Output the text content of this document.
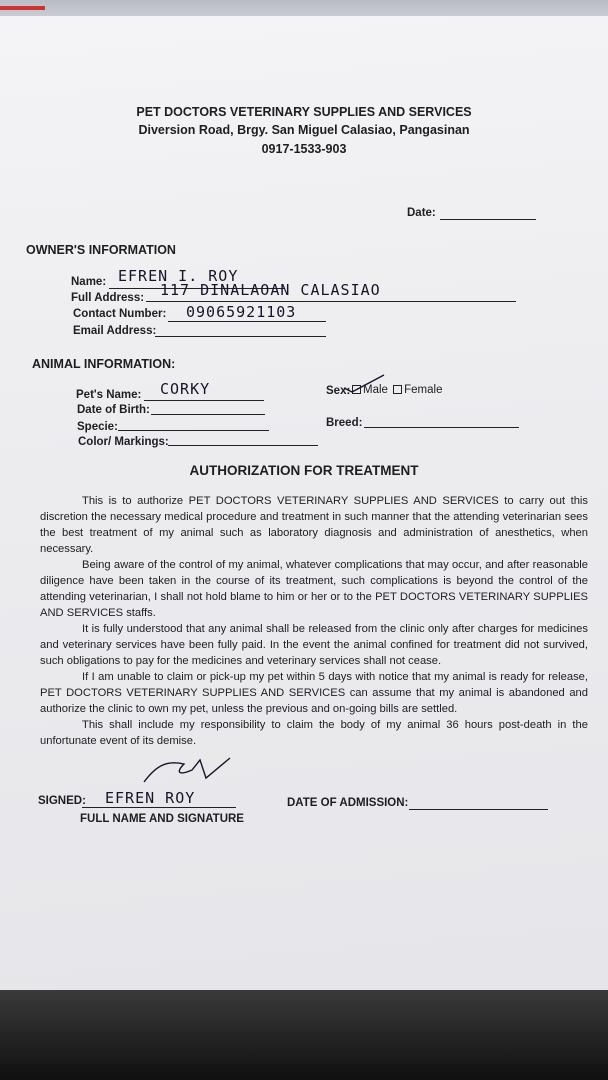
PET DOCTORS VETERINARY SUPPLIES AND SERVICES
Diversion Road, Brgy. San Miguel Calasiao, Pangasinan
0917-1533-903
Date:
OWNER'S INFORMATION
Name: EFREN I. ROY
Full Address: 117 DINALAOAN CALASIAO
Contact Number: 09065921103
Email Address:
ANIMAL INFORMATION:
Pet's Name: CORKY
Date of Birth:
Specie:
Color/ Markings:
Sex:	Male Female
Breed:
AUTHORIZATION FOR TREATMENT

This is to authorize PET DOCTORS VETERINARY SUPPLIES AND SERVICES to carry out this discretion the necessary medical procedure and treatment in such manner that the attending veterinarian sees the best treatment of my animal such as laboratory diagnosis and administration of anesthetics, when necessary.

Being aware of the control of my animal, whatever complications that may occur, and after reasonable diligence have been taken in the course of its treatment, such complications is beyond the control of the attending veterinarian, I shall not hold blame to him or her or to the PET DOCTORS VETERINARY SUPPLIES AND SERVICES staffs.

It is fully understood that any animal shall be released from the clinic only after charges for medicines and veterinary services have been fully paid. In the event the animal confined for treatment did not survived, such obligations to pay for the medicines and veterinary services shall not cease.

If I am unable to claim or pick-up my pet within 5 days with notice that my animal is ready for release, PET DOCTORS VETERINARY SUPPLIES AND SERVICES can assume that my animal is abandoned and authorize the clinic to own my pet, unless the previous and on-going bills are settled.

This shall include my responsibility to claim the body of my animal 36 hours post-death in the unfortunate event of its demise.

SIGNED: EFREN ROY
FULL NAME AND SIGNATURE
DATE OF ADMISSION:
